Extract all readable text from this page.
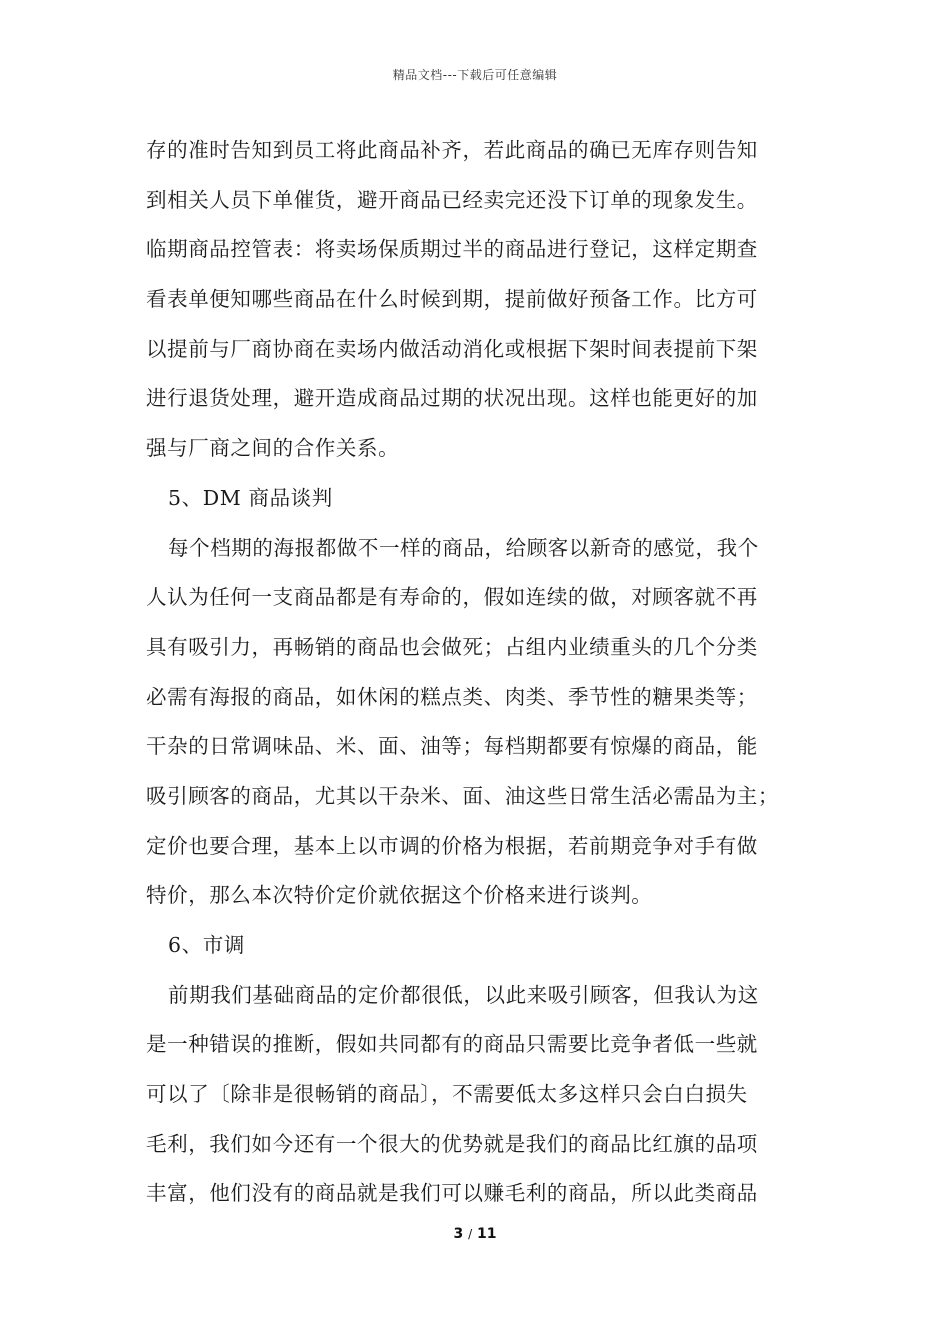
精品文档---下载后可任意编辑
存的准时告知到员工将此商品补齐，若此商品的确已无库存则告知
到相关人员下单催货，避开商品已经卖完还没下订单的现象发生。
临期商品控管表：将卖场保质期过半的商品进行登记，这样定期查
看表单便知哪些商品在什么时候到期，提前做好预备工作。比方可
以提前与厂商协商在卖场内做活动消化或根据下架时间表提前下架
进行退货处理，避开造成商品过期的状况出现。这样也能更好的加
强与厂商之间的合作关系。
5、DM 商品谈判
每个档期的海报都做不一样的商品，给顾客以新奇的感觉，我个
人认为任何一支商品都是有寿命的，假如连续的做，对顾客就不再
具有吸引力，再畅销的商品也会做死；占组内业绩重头的几个分类
必需有海报的商品，如休闲的糕点类、肉类、季节性的糖果类等；
干杂的日常调味品、米、面、油等；每档期都要有惊爆的商品，能
吸引顾客的商品，尤其以干杂米、面、油这些日常生活必需品为主；
定价也要合理，基本上以市调的价格为根据，若前期竞争对手有做
特价，那么本次特价定价就依据这个价格来进行谈判。
6、市调
前期我们基础商品的定价都很低，以此来吸引顾客，但我认为这
是一种错误的推断，假如共同都有的商品只需要比竞争者低一些就
可以了〔除非是很畅销的商品〕，不需要低太多这样只会白白损失
毛利，我们如今还有一个很大的优势就是我们的商品比红旗的品项
丰富，他们没有的商品就是我们可以赚毛利的商品，所以此类商品
3 / 11
